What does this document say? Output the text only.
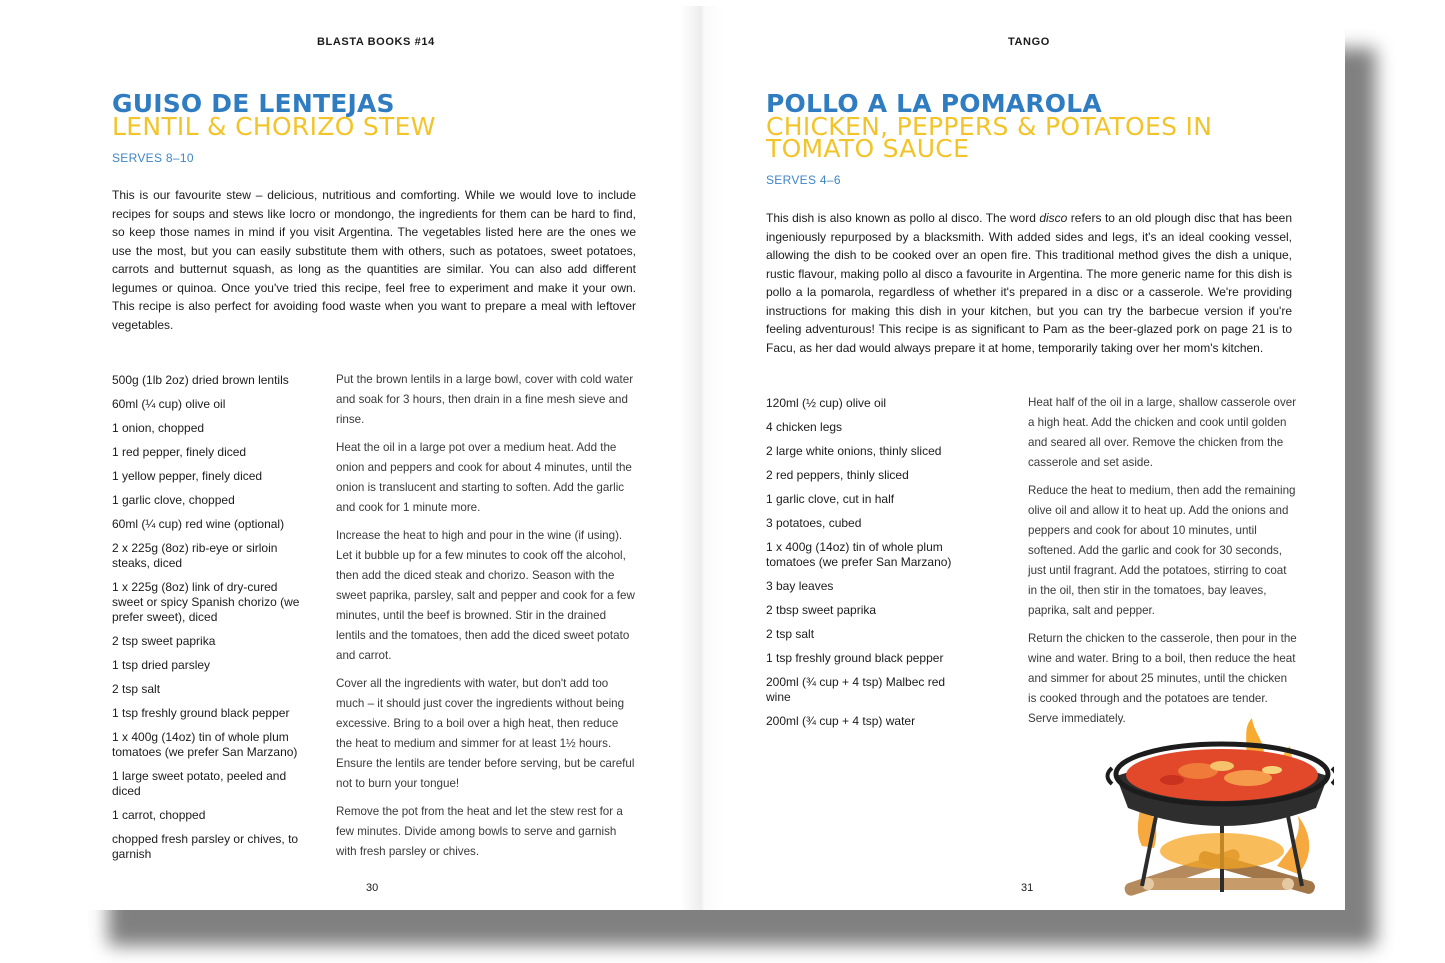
BLASTA BOOKS #14
GUISO DE LENTEJAS
LENTIL & CHORIZO STEW
SERVES 8–10
This is our favourite stew – delicious, nutritious and comforting. While we would love to include recipes for soups and stews like locro or mondongo, the ingredients for them can be hard to find, so keep those names in mind if you visit Argentina. The vegetables listed here are the ones we use the most, but you can easily substitute them with others, such as potatoes, sweet potatoes, carrots and butternut squash, as long as the quantities are similar. You can also add different legumes or quinoa. Once you've tried this recipe, feel free to experiment and make it your own. This recipe is also perfect for avoiding food waste when you want to prepare a meal with leftover vegetables.
500g (1lb 2oz) dried brown lentils
60ml (¼ cup) olive oil
1 onion, chopped
1 red pepper, finely diced
1 yellow pepper, finely diced
1 garlic clove, chopped
60ml (¼ cup) red wine (optional)
2 x 225g (8oz) rib-eye or sirloin steaks, diced
1 x 225g (8oz) link of dry-cured sweet or spicy Spanish chorizo (we prefer sweet), diced
2 tsp sweet paprika
1 tsp dried parsley
2 tsp salt
1 tsp freshly ground black pepper
1 x 400g (14oz) tin of whole plum tomatoes (we prefer San Marzano)
1 large sweet potato, peeled and diced
1 carrot, chopped
chopped fresh parsley or chives, to garnish

Put the brown lentils in a large bowl, cover with cold water and soak for 3 hours, then drain in a fine mesh sieve and rinse.

Heat the oil in a large pot over a medium heat. Add the onion and peppers and cook for about 4 minutes, until the onion is translucent and starting to soften. Add the garlic and cook for 1 minute more.

Increase the heat to high and pour in the wine (if using). Let it bubble up for a few minutes to cook off the alcohol, then add the diced steak and chorizo. Season with the sweet paprika, parsley, salt and pepper and cook for a few minutes, until the beef is browned. Stir in the drained lentils and the tomatoes, then add the diced sweet potato and carrot.

Cover all the ingredients with water, but don't add too much – it should just cover the ingredients without being excessive. Bring to a boil over a high heat, then reduce the heat to medium and simmer for at least 1½ hours. Ensure the lentils are tender before serving, but be careful not to burn your tongue!

Remove the pot from the heat and let the stew rest for a few minutes. Divide among bowls to serve and garnish with fresh parsley or chives.

30
TANGO
POLLO A LA POMAROLA
CHICKEN, PEPPERS & POTATOES IN TOMATO SAUCE
SERVES 4–6
This dish is also known as pollo al disco. The word disco refers to an old plough disc that has been ingeniously repurposed by a blacksmith. With added sides and legs, it's an ideal cooking vessel, allowing the dish to be cooked over an open fire. This traditional method gives the dish a unique, rustic flavour, making pollo al disco a favourite in Argentina. The more generic name for this dish is pollo a la pomarola, regardless of whether it's prepared in a disc or a casserole. We're providing instructions for making this dish in your kitchen, but you can try the barbecue version if you're feeling adventurous! This recipe is as significant to Pam as the beer-glazed pork on page 21 is to Facu, as her dad would always prepare it at home, temporarily taking over her mom's kitchen.
120ml (½ cup) olive oil
4 chicken legs
2 large white onions, thinly sliced
2 red peppers, thinly sliced
1 garlic clove, cut in half
3 potatoes, cubed
1 x 400g (14oz) tin of whole plum tomatoes (we prefer San Marzano)
3 bay leaves
2 tbsp sweet paprika
2 tsp salt
1 tsp freshly ground black pepper
200ml (¾ cup + 4 tsp) Malbec red wine
200ml (¾ cup + 4 tsp) water

Heat half of the oil in a large, shallow casserole over a high heat. Add the chicken and cook until golden and seared all over. Remove the chicken from the casserole and set aside.

Reduce the heat to medium, then add the remaining olive oil and allow it to heat up. Add the onions and peppers and cook for about 10 minutes, until softened. Add the garlic and cook for 30 seconds, just until fragrant. Add the potatoes, stirring to coat in the oil, then stir in the tomatoes, bay leaves, paprika, salt and pepper.

Return the chicken to the casserole, then pour in the wine and water. Bring to a boil, then reduce the heat and simmer for about 25 minutes, until the chicken is cooked through and the potatoes are tender. Serve immediately.

31
